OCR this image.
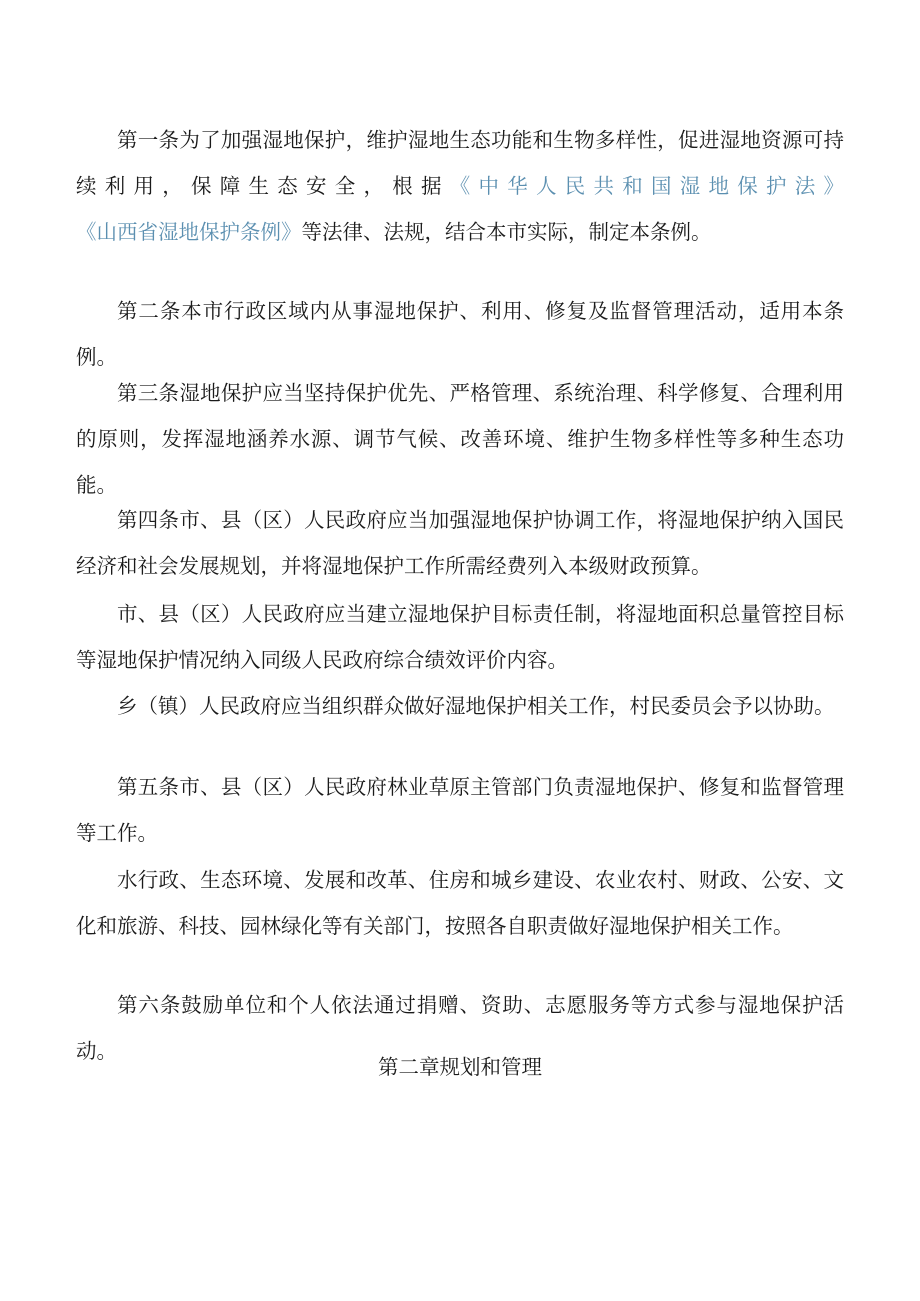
第一条为了加强湿地保护，维护湿地生态功能和生物多样性，促进湿地资源可持续利用，保障生态安全，根据《中华人民共和国湿地保护法》《山西省湿地保护条例》等法律、法规，结合本市实际，制定本条例。

第二条本市行政区域内从事湿地保护、利用、修复及监督管理活动，适用本条例。

第三条湿地保护应当坚持保护优先、严格管理、系统治理、科学修复、合理利用的原则，发挥湿地涵养水源、调节气候、改善环境、维护生物多样性等多种生态功能。

第四条市、县（区）人民政府应当加强湿地保护协调工作，将湿地保护纳入国民经济和社会发展规划，并将湿地保护工作所需经费列入本级财政预算。

市、县（区）人民政府应当建立湿地保护目标责任制，将湿地面积总量管控目标等湿地保护情况纳入同级人民政府综合绩效评价内容。

乡（镇）人民政府应当组织群众做好湿地保护相关工作，村民委员会予以协助。

第五条市、县（区）人民政府林业草原主管部门负责湿地保护、修复和监督管理等工作。

水行政、生态环境、发展和改革、住房和城乡建设、农业农村、财政、公安、文化和旅游、科技、园林绿化等有关部门，按照各自职责做好湿地保护相关工作。

第六条鼓励单位和个人依法通过捐赠、资助、志愿服务等方式参与湿地保护活动。

第二章规划和管理
